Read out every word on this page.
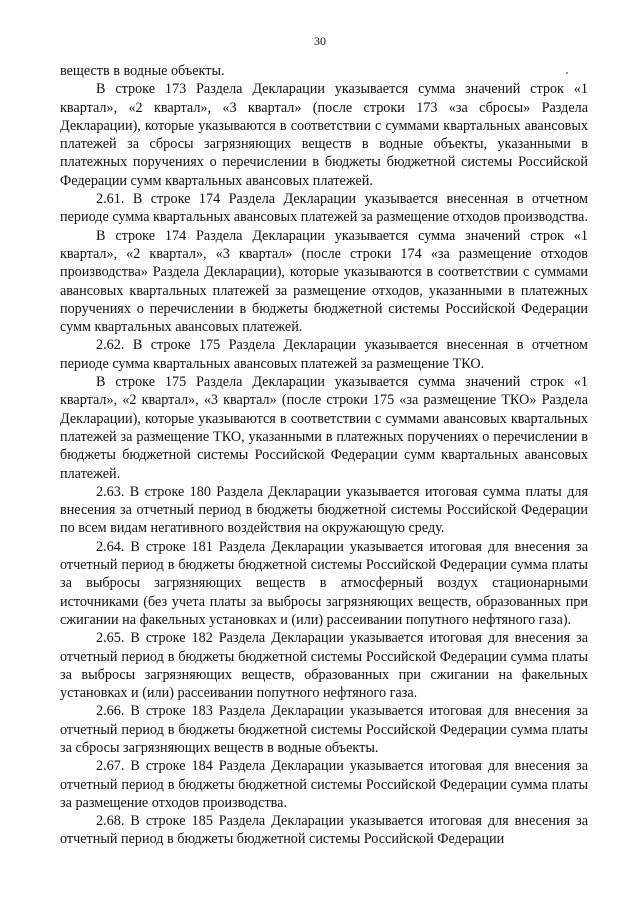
30

веществ в водные объекты.

В строке 173 Раздела Декларации указывается сумма значений строк «1 квартал», «2 квартал», «3 квартал» (после строки 173 «за сбросы» Раздела Декларации), которые указываются в соответствии с суммами квартальных авансовых платежей за сбросы загрязняющих веществ в водные объекты, указанными в платежных поручениях о перечислении в бюджеты бюджетной системы Российской Федерации сумм квартальных авансовых платежей.

2.61. В строке 174 Раздела Декларации указывается внесенная в отчетном периоде сумма квартальных авансовых платежей за размещение отходов производства.

В строке 174 Раздела Декларации указывается сумма значений строк «1 квартал», «2 квартал», «3 квартал» (после строки 174 «за размещение отходов производства» Раздела Декларации), которые указываются в соответствии с суммами авансовых квартальных платежей за размещение отходов, указанными в платежных поручениях о перечислении в бюджеты бюджетной системы Российской Федерации сумм квартальных авансовых платежей.

2.62. В строке 175 Раздела Декларации указывается внесенная в отчетном периоде сумма квартальных авансовых платежей за размещение ТКО.

В строке 175 Раздела Декларации указывается сумма значений строк «1 квартал», «2 квартал», «3 квартал» (после строки 175 «за размещение ТКО» Раздела Декларации), которые указываются в соответствии с суммами авансовых квартальных платежей за размещение ТКО, указанными в платежных поручениях о перечислении в бюджеты бюджетной системы Российской Федерации сумм квартальных авансовых платежей.

2.63. В строке 180 Раздела Декларации указывается итоговая сумма платы для внесения за отчетный период в бюджеты бюджетной системы Российской Федерации по всем видам негативного воздействия на окружающую среду.

2.64. В строке 181 Раздела Декларации указывается итоговая для внесения за отчетный период в бюджеты бюджетной системы Российской Федерации сумма платы за выбросы загрязняющих веществ в атмосферный воздух стационарными источниками (без учета платы за выбросы загрязняющих веществ, образованных при сжигании на факельных установках и (или) рассеивании попутного нефтяного газа).

2.65. В строке 182 Раздела Декларации указывается итоговая для внесения за отчетный период в бюджеты бюджетной системы Российской Федерации сумма платы за выбросы загрязняющих веществ, образованных при сжигании на факельных установках и (или) рассеивании попутного нефтяного газа.

2.66. В строке 183 Раздела Декларации указывается итоговая для внесения за отчетный период в бюджеты бюджетной системы Российской Федерации сумма платы за сбросы загрязняющих веществ в водные объекты.

2.67. В строке 184 Раздела Декларации указывается итоговая для внесения за отчетный период в бюджеты бюджетной системы Российской Федерации сумма платы за размещение отходов производства.

2.68. В строке 185 Раздела Декларации указывается итоговая для внесения за отчетный период в бюджеты бюджетной системы Российской Федерации
